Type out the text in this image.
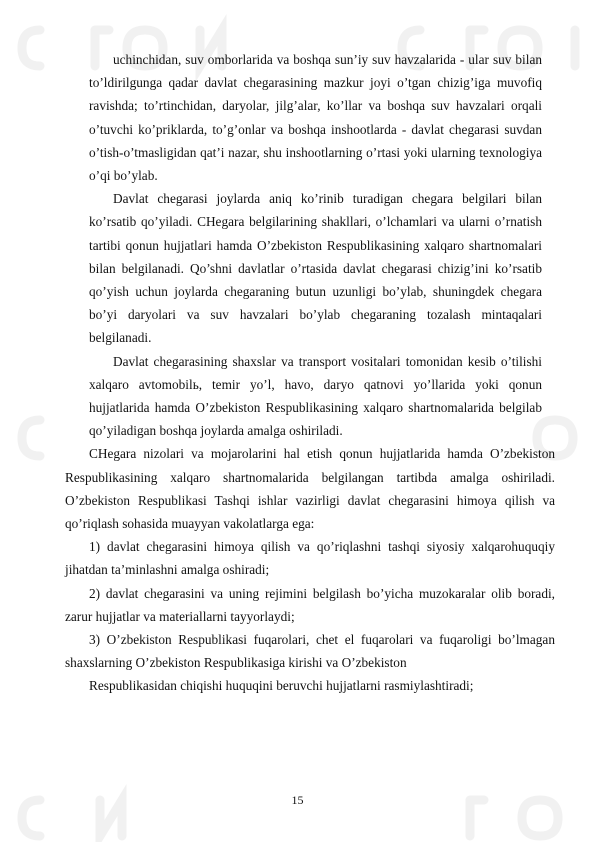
uchinchidan, suv omborlarida va boshqa sun’iy suv havzalarida - ular suv bilan to’ldirilgunga qadar davlat chegarasining mazkur joyi o’tgan chizig’iga muvofiq ravishda; to’rtinchidan, daryolar, jilg’alar, ko’llar va boshqa suv havzalari orqali o’tuvchi ko’priklarda, to’g’onlar va boshqa inshootlarda - davlat chegarasi suvdan o’tish-o’tmasligidan qat’i nazar, shu inshootlarning o’rtasi yoki ularning texnologiya o’qi bo’ylab.

Davlat chegarasi joylarda aniq ko’rinib turadigan chegara belgilari bilan ko’rsatib qo’yiladi. CHegara belgilarining shakllari, o’lchamlari va ularni o’rnatish tartibi qonun hujjatlari hamda O’zbekiston Respublikasining xalqaro shartnomalari bilan belgilanadi. Qo’shni davlatlar o’rtasida davlat chegarasi chizig’ini ko’rsatib qo’yish uchun joylarda chegaraning butun uzunligi bo’ylab, shuningdek chegara bo’yi daryolari va suv havzalari bo’ylab chegaraning tozalash mintaqalari belgilanadi.

Davlat chegarasining shaxslar va transport vositalari tomonidan kesib o’tilishi xalqaro avtomobilь, temir yo’l, havo, daryo qatnovi yo’llarida yoki qonun hujjatlarida hamda O’zbekiston Respublikasining xalqaro shartnomalarida belgilab qo’yiladigan boshqa joylarda amalga oshiriladi.

CHegara nizolari va mojarolarini hal etish qonun hujjatlarida hamda O’zbekiston Respublikasining xalqaro shartnomalarida belgilangan tartibda amalga oshiriladi. O’zbekiston Respublikasi Tashqi ishlar vazirligi davlat chegarasini himoya qilish va qo’riqlash sohasida muayyan vakolatlarga ega:

1) davlat chegarasini himoya qilish va qo’riqlashni tashqi siyosiy xalqarohuquqiy jihatdan ta’minlashni amalga oshiradi;

2) davlat chegarasini va uning rejimini belgilash bo’yicha muzokaralar olib boradi, zarur hujjatlar va materiallarni tayyorlaydi;

3) O’zbekiston Respublikasi fuqarolari, chet el fuqarolari va fuqaroligi bo’lmagan shaxslarning O’zbekiston Respublikasiga kirishi va O’zbekiston

Respublikasidan chiqishi huquqini beruvchi hujjatlarni rasmiylashtiradi;

15
